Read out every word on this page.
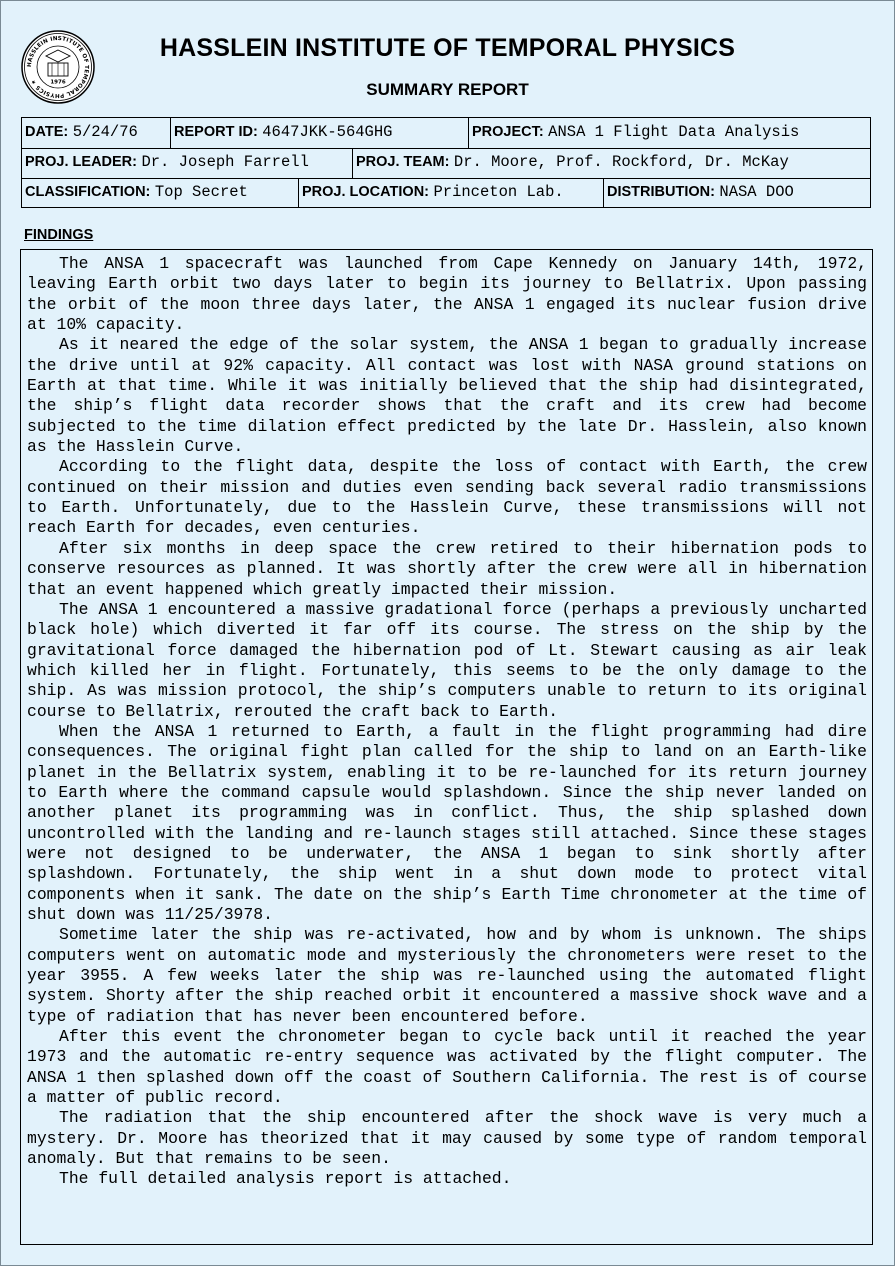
HASSLEIN INSTITUTE OF TEMPORAL PHYSICS ★	1976
HASSLEIN INSTITUTE OF TEMPORAL PHYSICS
SUMMARY REPORT
DATE: 5/24/76	REPORT ID: 4647JKK-564GHG	PROJECT: ANSA 1 Flight Data Analysis
PROJ. LEADER: Dr. Joseph Farrell	PROJ. TEAM: Dr. Moore, Prof. Rockford, Dr. McKay
CLASSIFICATION: Top Secret	PROJ. LOCATION: Princeton Lab.	DISTRIBUTION: NASA DOO
FINDINGS

The ANSA 1 spacecraft was launched from Cape Kennedy on January 14th, 1972, leaving Earth orbit two days later to begin its journey to Bellatrix. Upon passing the orbit of the moon three days later, the ANSA 1 engaged its nuclear fusion drive at 10% capacity.

As it neared the edge of the solar system, the ANSA 1 began to gradually increase the drive until at 92% capacity. All contact was lost with NASA ground stations on Earth at that time. While it was initially believed that the ship had disintegrated, the ship’s flight data recorder shows that the craft and its crew had become subjected to the time dilation effect predicted by the late Dr. Hasslein, also known as the Hasslein Curve.

According to the flight data, despite the loss of contact with Earth, the crew continued on their mission and duties even sending back several radio transmissions to Earth. Unfortunately, due to the Hasslein Curve, these transmissions will not reach Earth for decades, even centuries.

After six months in deep space the crew retired to their hibernation pods to conserve resources as planned. It was shortly after the crew were all in hibernation that an event happened which greatly impacted their mission.

The ANSA 1 encountered a massive gradational force (perhaps a previously uncharted black hole) which diverted it far off its course. The stress on the ship by the gravitational force damaged the hibernation pod of Lt. Stewart causing as air leak which killed her in flight. Fortunately, this seems to be the only damage to the ship. As was mission protocol, the ship’s computers unable to return to its original course to Bellatrix, rerouted the craft back to Earth.

When the ANSA 1 returned to Earth, a fault in the flight programming had dire consequences. The original fight plan called for the ship to land on an Earth-like planet in the Bellatrix system, enabling it to be re-launched for its return journey to Earth where the command capsule would splashdown. Since the ship never landed on another planet its programming was in conflict. Thus, the ship splashed down uncontrolled with the landing and re-launch stages still attached. Since these stages were not designed to be underwater, the ANSA 1 began to sink shortly after splashdown. Fortunately, the ship went in a shut down mode to protect vital components when it sank. The date on the ship’s Earth Time chronometer at the time of shut down was 11/25/3978.

Sometime later the ship was re-activated, how and by whom is unknown. The ships computers went on automatic mode and mysteriously the chronometers were reset to the year 3955. A few weeks later the ship was re-launched using the automated flight system. Shorty after the ship reached orbit it encountered a massive shock wave and a type of radiation that has never been encountered before.

After this event the chronometer began to cycle back until it reached the year 1973 and the automatic re-entry sequence was activated by the flight computer. The ANSA 1 then splashed down off the coast of Southern California. The rest is of course a matter of public record.

The radiation that the ship encountered after the shock wave is very much a mystery. Dr. Moore has theorized that it may caused by some type of random temporal anomaly. But that remains to be seen.

The full detailed analysis report is attached.
